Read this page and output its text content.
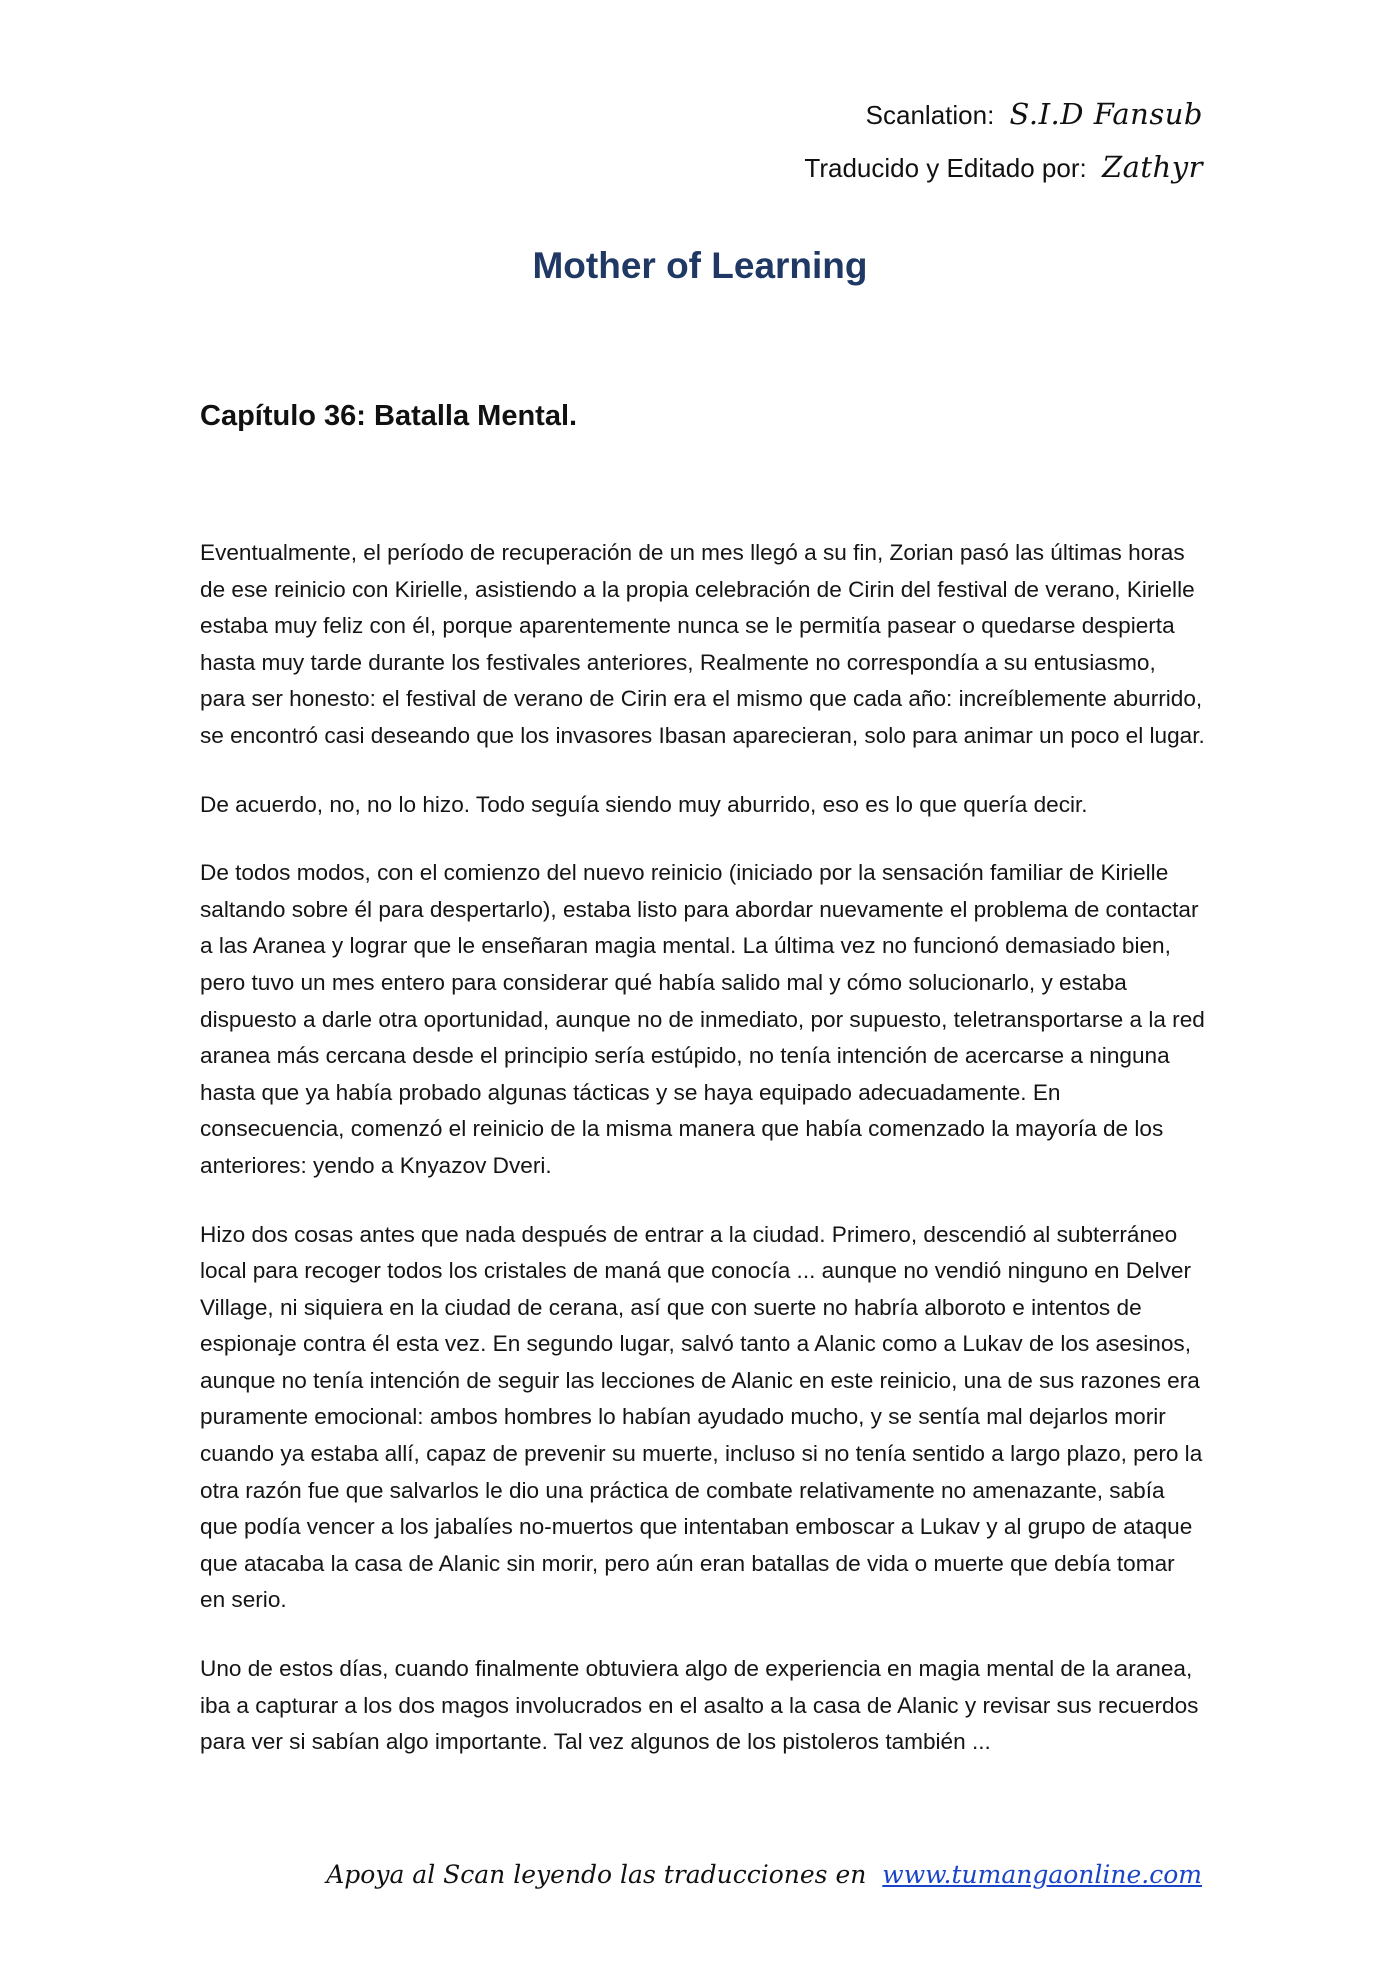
Scanlation: S.I.D Fansub
Traducido y Editado por: Zathyr
Mother of Learning
Capítulo 36: Batalla Mental.

Eventualmente, el período de recuperación de un mes llegó a su fin, Zorian pasó las últimas horas de ese reinicio con Kirielle, asistiendo a la propia celebración de Cirin del festival de verano, Kirielle estaba muy feliz con él, porque aparentemente nunca se le permitía pasear o quedarse despierta hasta muy tarde durante los festivales anteriores, Realmente no correspondía a su entusiasmo, para ser honesto: el festival de verano de Cirin era el mismo que cada año: increíblemente aburrido, se encontró casi deseando que los invasores Ibasan aparecieran, solo para animar un poco el lugar.

De acuerdo, no, no lo hizo. Todo seguía siendo muy aburrido, eso es lo que quería decir.

De todos modos, con el comienzo del nuevo reinicio (iniciado por la sensación familiar de Kirielle saltando sobre él para despertarlo), estaba listo para abordar nuevamente el problema de contactar a las Aranea y lograr que le enseñaran magia mental. La última vez no funcionó demasiado bien, pero tuvo un mes entero para considerar qué había salido mal y cómo solucionarlo, y estaba dispuesto a darle otra oportunidad, aunque no de inmediato, por supuesto, teletransportarse a la red aranea más cercana desde el principio sería estúpido, no tenía intención de acercarse a ninguna hasta que ya había probado algunas tácticas y se haya equipado adecuadamente. En consecuencia, comenzó el reinicio de la misma manera que había comenzado la mayoría de los anteriores: yendo a Knyazov Dveri.

Hizo dos cosas antes que nada después de entrar a la ciudad. Primero, descendió al subterráneo local para recoger todos los cristales de maná que conocía ... aunque no vendió ninguno en Delver Village, ni siquiera en la ciudad de cerana, así que con suerte no habría alboroto e intentos de espionaje contra él esta vez. En segundo lugar, salvó tanto a Alanic como a Lukav de los asesinos, aunque no tenía intención de seguir las lecciones de Alanic en este reinicio, una de sus razones era puramente emocional: ambos hombres lo habían ayudado mucho, y se sentía mal dejarlos morir cuando ya estaba allí, capaz de prevenir su muerte, incluso si no tenía sentido a largo plazo, pero la otra razón fue que salvarlos le dio una práctica de combate relativamente no amenazante, sabía que podía vencer a los jabalíes no-muertos que intentaban emboscar a Lukav y al grupo de ataque que atacaba la casa de Alanic sin morir, pero aún eran batallas de vida o muerte que debía tomar en serio.

Uno de estos días, cuando finalmente obtuviera algo de experiencia en magia mental de la aranea, iba a capturar a los dos magos involucrados en el asalto a la casa de Alanic y revisar sus recuerdos para ver si sabían algo importante. Tal vez algunos de los pistoleros también ...

Apoya al Scan leyendo las traducciones en www.tumangaonline.com
